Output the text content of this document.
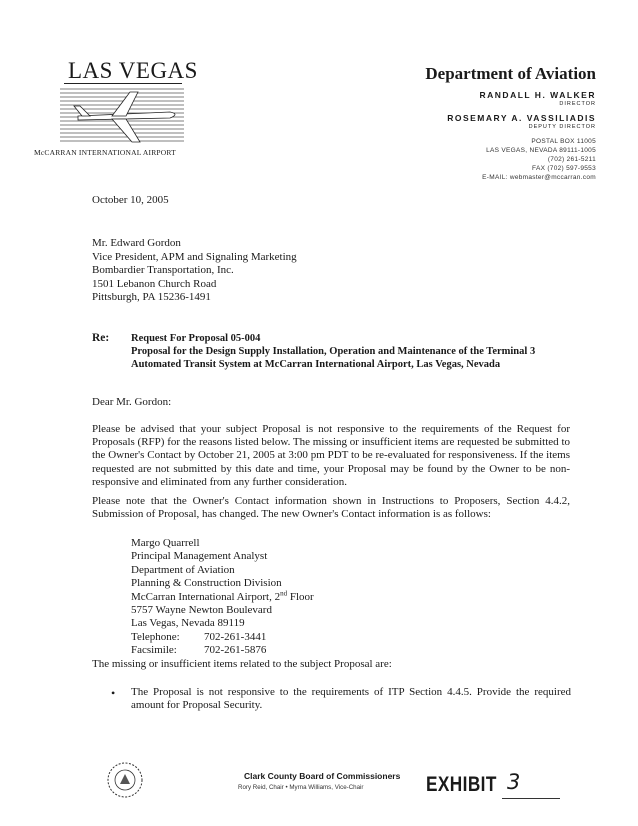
LAS VEGAS
McCARRAN INTERNATIONAL AIRPORT
Department of Aviation
RANDALL H. WALKER
DIRECTOR
ROSEMARY A. VASSILIADIS
DEPUTY DIRECTOR
POSTAL BOX 11005
LAS VEGAS, NEVADA 89111-1005
(702) 261-5211
FAX (702) 597-9553
E-MAIL: webmaster@mccarran.com
October 10, 2005
Mr. Edward Gordon
Vice President, APM and Signaling Marketing
Bombardier Transportation, Inc.
1501 Lebanon Church Road
Pittsburgh, PA 15236-1491
Re: Request For Proposal 05-004
Proposal for the Design Supply Installation, Operation and Maintenance of the Terminal 3 Automated Transit System at McCarran International Airport, Las Vegas, Nevada
Dear Mr. Gordon:
Please be advised that your subject Proposal is not responsive to the requirements of the Request for Proposals (RFP) for the reasons listed below. The missing or insufficient items are requested be submitted to the Owner's Contact by October 21, 2005 at 3:00 pm PDT to be re-evaluated for responsiveness. If the items requested are not submitted by this date and time, your Proposal may be found by the Owner to be non-responsive and eliminated from any further consideration.
Please note that the Owner's Contact information shown in Instructions to Proposers, Section 4.4.2, Submission of Proposal, has changed. The new Owner's Contact information is as follows:
Margo Quarrell
Principal Management Analyst
Department of Aviation
Planning & Construction Division
McCarran International Airport, 2nd Floor
5757 Wayne Newton Boulevard
Las Vegas, Nevada 89119
Telephone:	702-261-3441
Facsimile:	702-261-5876
The missing or insufficient items related to the subject Proposal are:
• The Proposal is not responsive to the requirements of ITP Section 4.4.5. Provide the required amount for Proposal Security.
Clark County Board of Commissioners
Rory Reid, Chair • Myrna Williams, Vice-Chair	EXHIBIT 3
